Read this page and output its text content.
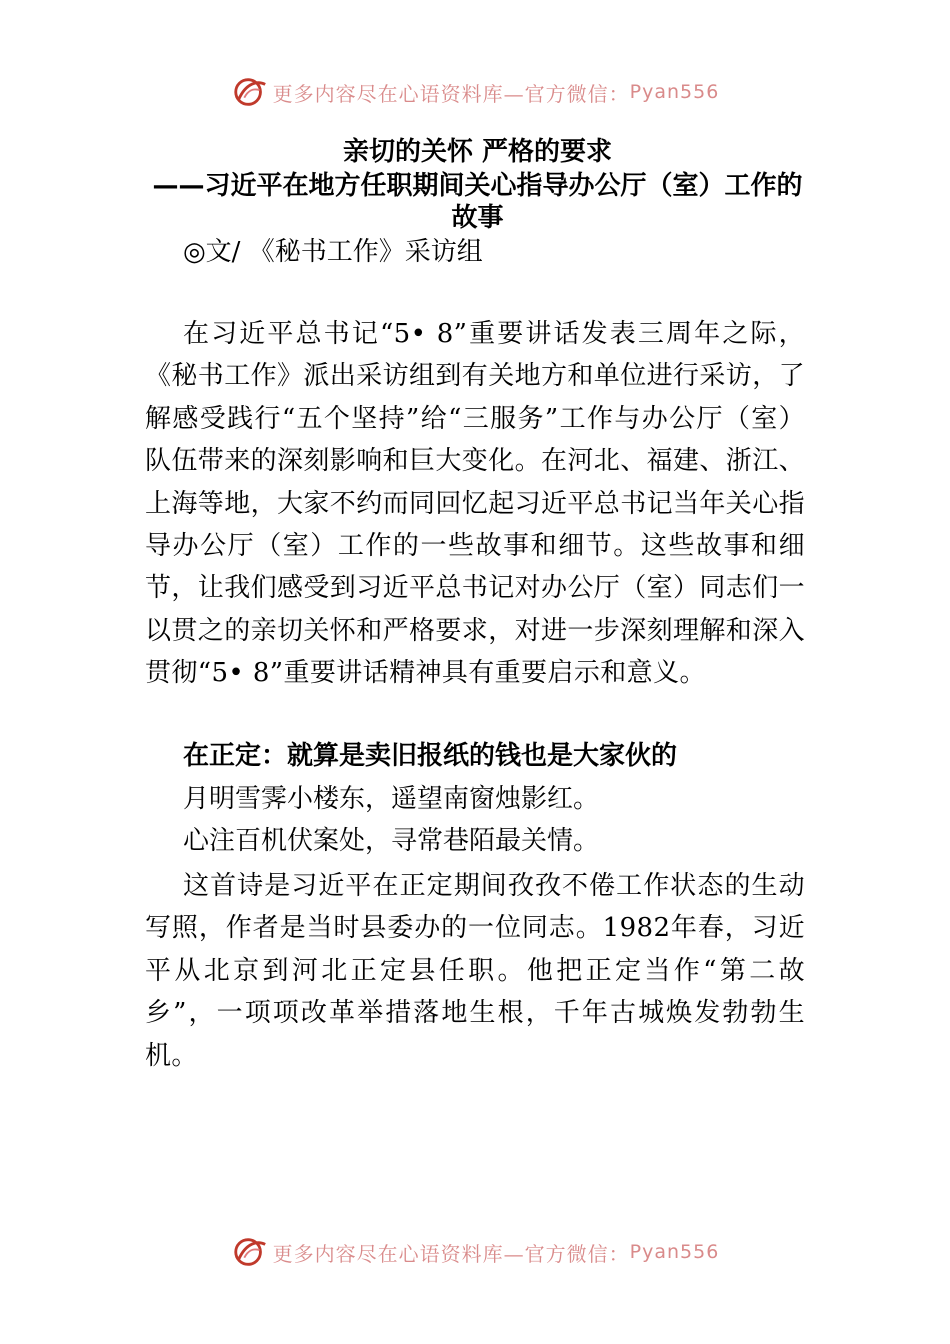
更多内容尽在心语资料库—官方微信： Pyan556
亲切的关怀 严格的要求
——习近平在地方任职期间关心指导办公厅（室）工作的故事
◎文/ 《秘书工作》采访组

在习近平总书记“5• 8”重要讲话发表三周年之际，《秘书工作》派出采访组到有关地方和单位进行采访，了解感受践行“五个坚持”给“三服务”工作与办公厅（室）队伍带来的深刻影响和巨大变化。在河北、福建、浙江、上海等地，大家不约而同回忆起习近平总书记当年关心指导办公厅（室）工作的一些故事和细节。这些故事和细节，让我们感受到习近平总书记对办公厅（室）同志们一以贯之的亲切关怀和严格要求，对进一步深刻理解和深入贯彻“5• 8”重要讲话精神具有重要启示和意义。

在正定：就算是卖旧报纸的钱也是大家伙的
月明雪霁小楼东，遥望南窗烛影红。
心注百机伏案处，寻常巷陌最关情。

这首诗是习近平在正定期间孜孜不倦工作状态的生动写照，作者是当时县委办的一位同志。1982年春，习近平从北京到河北正定县任职。他把正定当作“第二故乡”，一项项改革举措落地生根，千年古城焕发勃勃生机。

更多内容尽在心语资料库—官方微信： Pyan556
